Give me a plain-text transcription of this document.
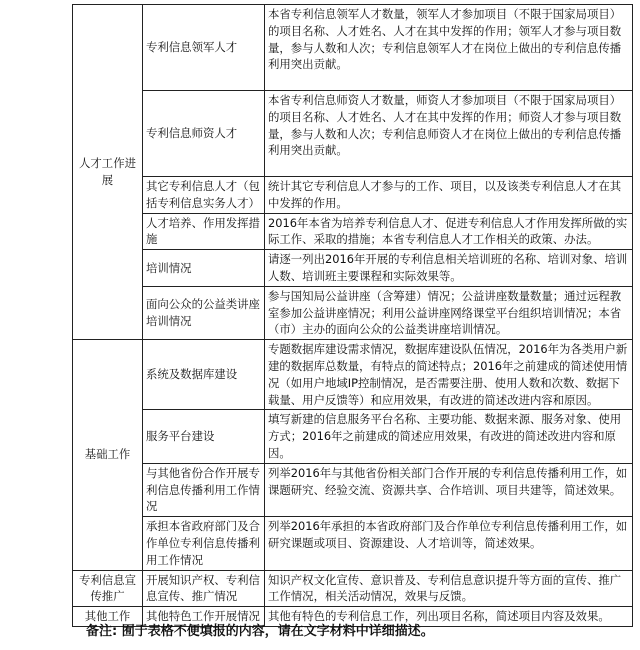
人才工作进展	专利信息领军人才	本省专利信息领军人才数量，领军人才参加项目（不限于国家局项目）的项目名称、人才姓名、人才在其中发挥的作用；领军人才参与项目数量，参与人数和人次；专利信息领军人才在岗位上做出的专利信息传播利用突出贡献。
	专利信息师资人才	本省专利信息师资人才数量，师资人才参加项目（不限于国家局项目）的项目名称、人才姓名、人才在其中发挥的作用；师资人才参与项目数量，参与人数和人次；专利信息师资人才在岗位上做出的专利信息传播利用突出贡献。
	其它专利信息人才（包括专利信息实务人才）	统计其它专利信息人才参与的工作、项目，以及该类专利信息人才在其中发挥的作用。
	人才培养、作用发挥措施	2016年本省为培养专利信息人才、促进专利信息人才作用发挥所做的实际工作、采取的措施；本省专利信息人才工作相关的政策、办法。
	培训情况	请逐一列出2016年开展的专利信息相关培训班的名称、培训对象、培训人数、培训班主要课程和实际效果等。
	面向公众的公益类讲座培训情况	参与国知局公益讲座（含筹建）情况；公益讲座数量数量；通过远程教室参加公益讲座情况；利用公益讲座网络课堂平台组织培训情况；本省（市）主办的面向公众的公益类讲座培训情况。
基础工作	系统及数据库建设	专题数据库建设需求情况，数据库建设队伍情况，2016年为各类用户新建的数据库总数量，有特点的简述特点；2016年之前建成的简述使用情况（如用户地域IP控制情况，是否需要注册、使用人数和次数、数据下载量、用户反馈等）和应用效果，有改进的简述改进内容和原因。
	服务平台建设	填写新建的信息服务平台名称、主要功能、数据来源、服务对象、使用方式；2016年之前建成的简述应用效果，有改进的简述改进内容和原因。
	与其他省份合作开展专利信息传播利用工作情况	列举2016年与其他省份相关部门合作开展的专利信息传播利用工作，如课题研究、经验交流、资源共享、合作培训、项目共建等，简述效果。
	承担本省政府部门及合作单位专利信息传播利用工作情况	列举2016年承担的本省政府部门及合作单位专利信息传播利用工作，如研究课题或项目、资源建设、人才培训等，简述效果。
专利信息宣传推广	开展知识产权、专利信息宣传、推广情况	知识产权文化宣传、意识普及、专利信息意识提升等方面的宣传、推广工作情况，相关活动情况，效果与反馈。
其他工作	其他特色工作开展情况	其他有特色的专利信息工作，列出项目名称，简述项目内容及效果。
备注: 囿于表格不便填报的内容，请在文字材料中详细描述。
